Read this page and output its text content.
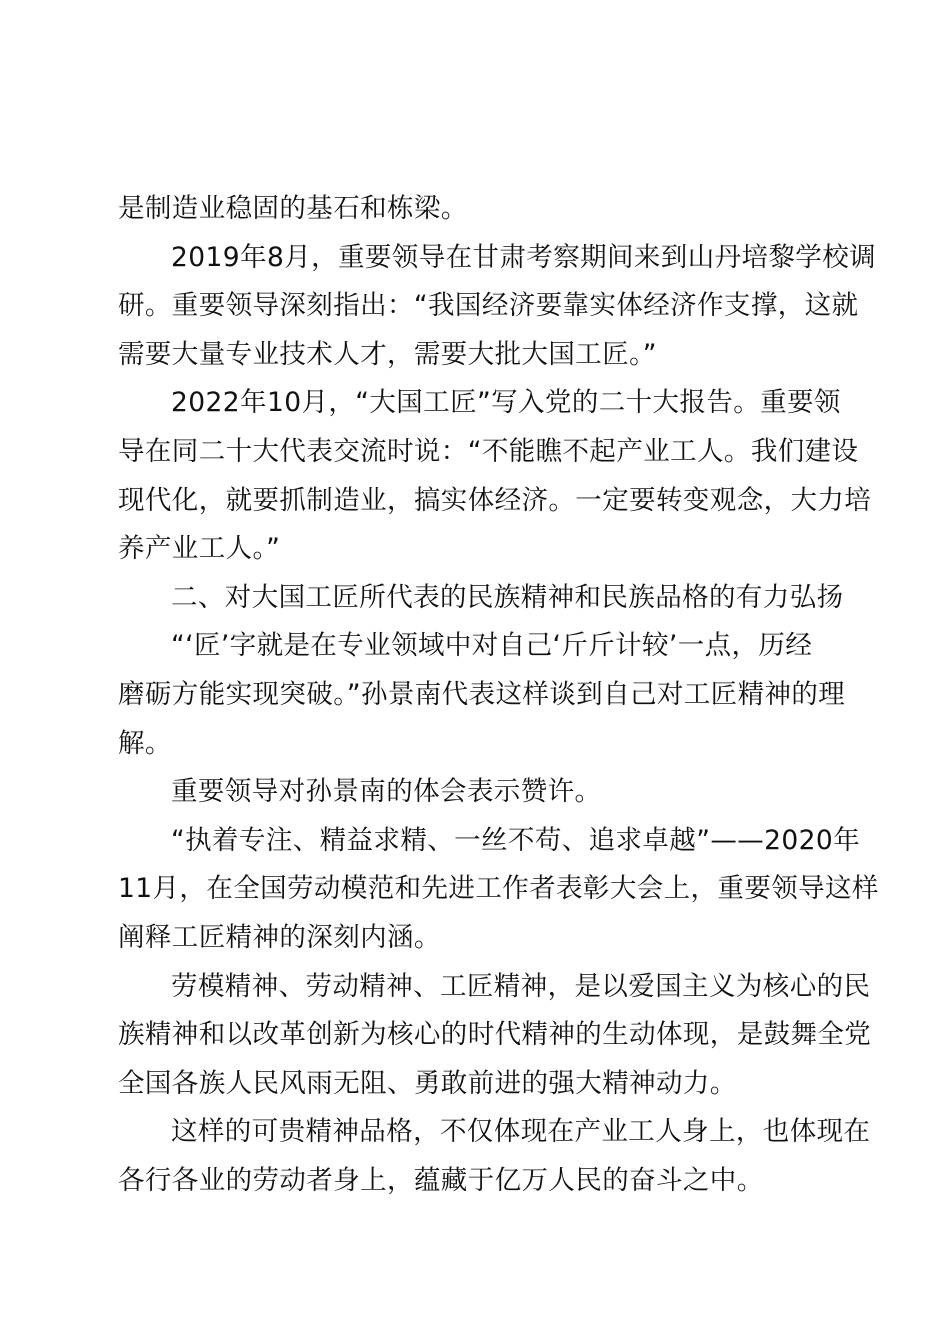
是制造业稳固的基石和栋梁。
2019年8月，重要领导在甘肃考察期间来到山丹培黎学校调
研。重要领导深刻指出：“我国经济要靠实体经济作支撑，这就
需要大量专业技术人才，需要大批大国工匠。”
2022年10月，“大国工匠”写入党的二十大报告。重要领
导在同二十大代表交流时说：“不能瞧不起产业工人。我们建设
现代化，就要抓制造业，搞实体经济。一定要转变观念，大力培
养产业工人。”
二、对大国工匠所代表的民族精神和民族品格的有力弘扬
“‘匠’字就是在专业领域中对自己‘斤斤计较’一点，历经
磨砺方能实现突破。”孙景南代表这样谈到自己对工匠精神的理
解。
重要领导对孙景南的体会表示赞许。
“执着专注、精益求精、一丝不苟、追求卓越”——2020年
11月，在全国劳动模范和先进工作者表彰大会上，重要领导这样
阐释工匠精神的深刻内涵。
劳模精神、劳动精神、工匠精神，是以爱国主义为核心的民
族精神和以改革创新为核心的时代精神的生动体现，是鼓舞全党
全国各族人民风雨无阻、勇敢前进的强大精神动力。
这样的可贵精神品格，不仅体现在产业工人身上，也体现在
各行各业的劳动者身上，蕴藏于亿万人民的奋斗之中。
